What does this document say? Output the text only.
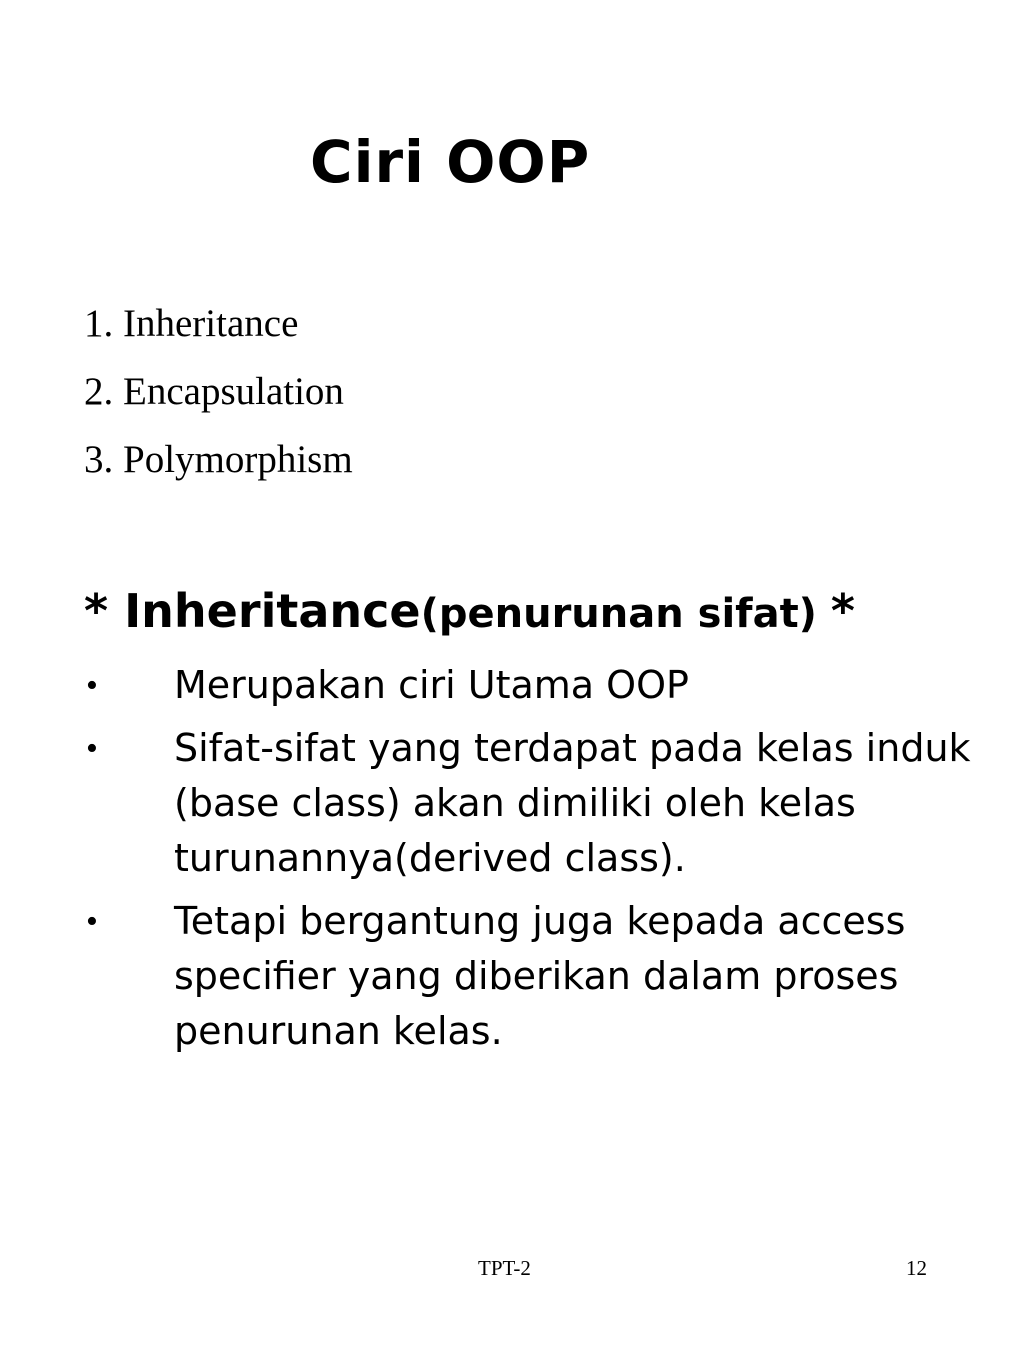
Ciri OOP
1. Inheritance
2. Encapsulation
3. Polymorphism
* Inheritance(penurunan sifat) *
• Merupakan ciri Utama OOP
• Sifat-sifat yang terdapat pada kelas induk (base class) akan dimiliki oleh kelas turunannya(derived class).
• Tetapi bergantung juga kepada access specifier yang diberikan dalam proses penurunan kelas.
TPT-2	12
